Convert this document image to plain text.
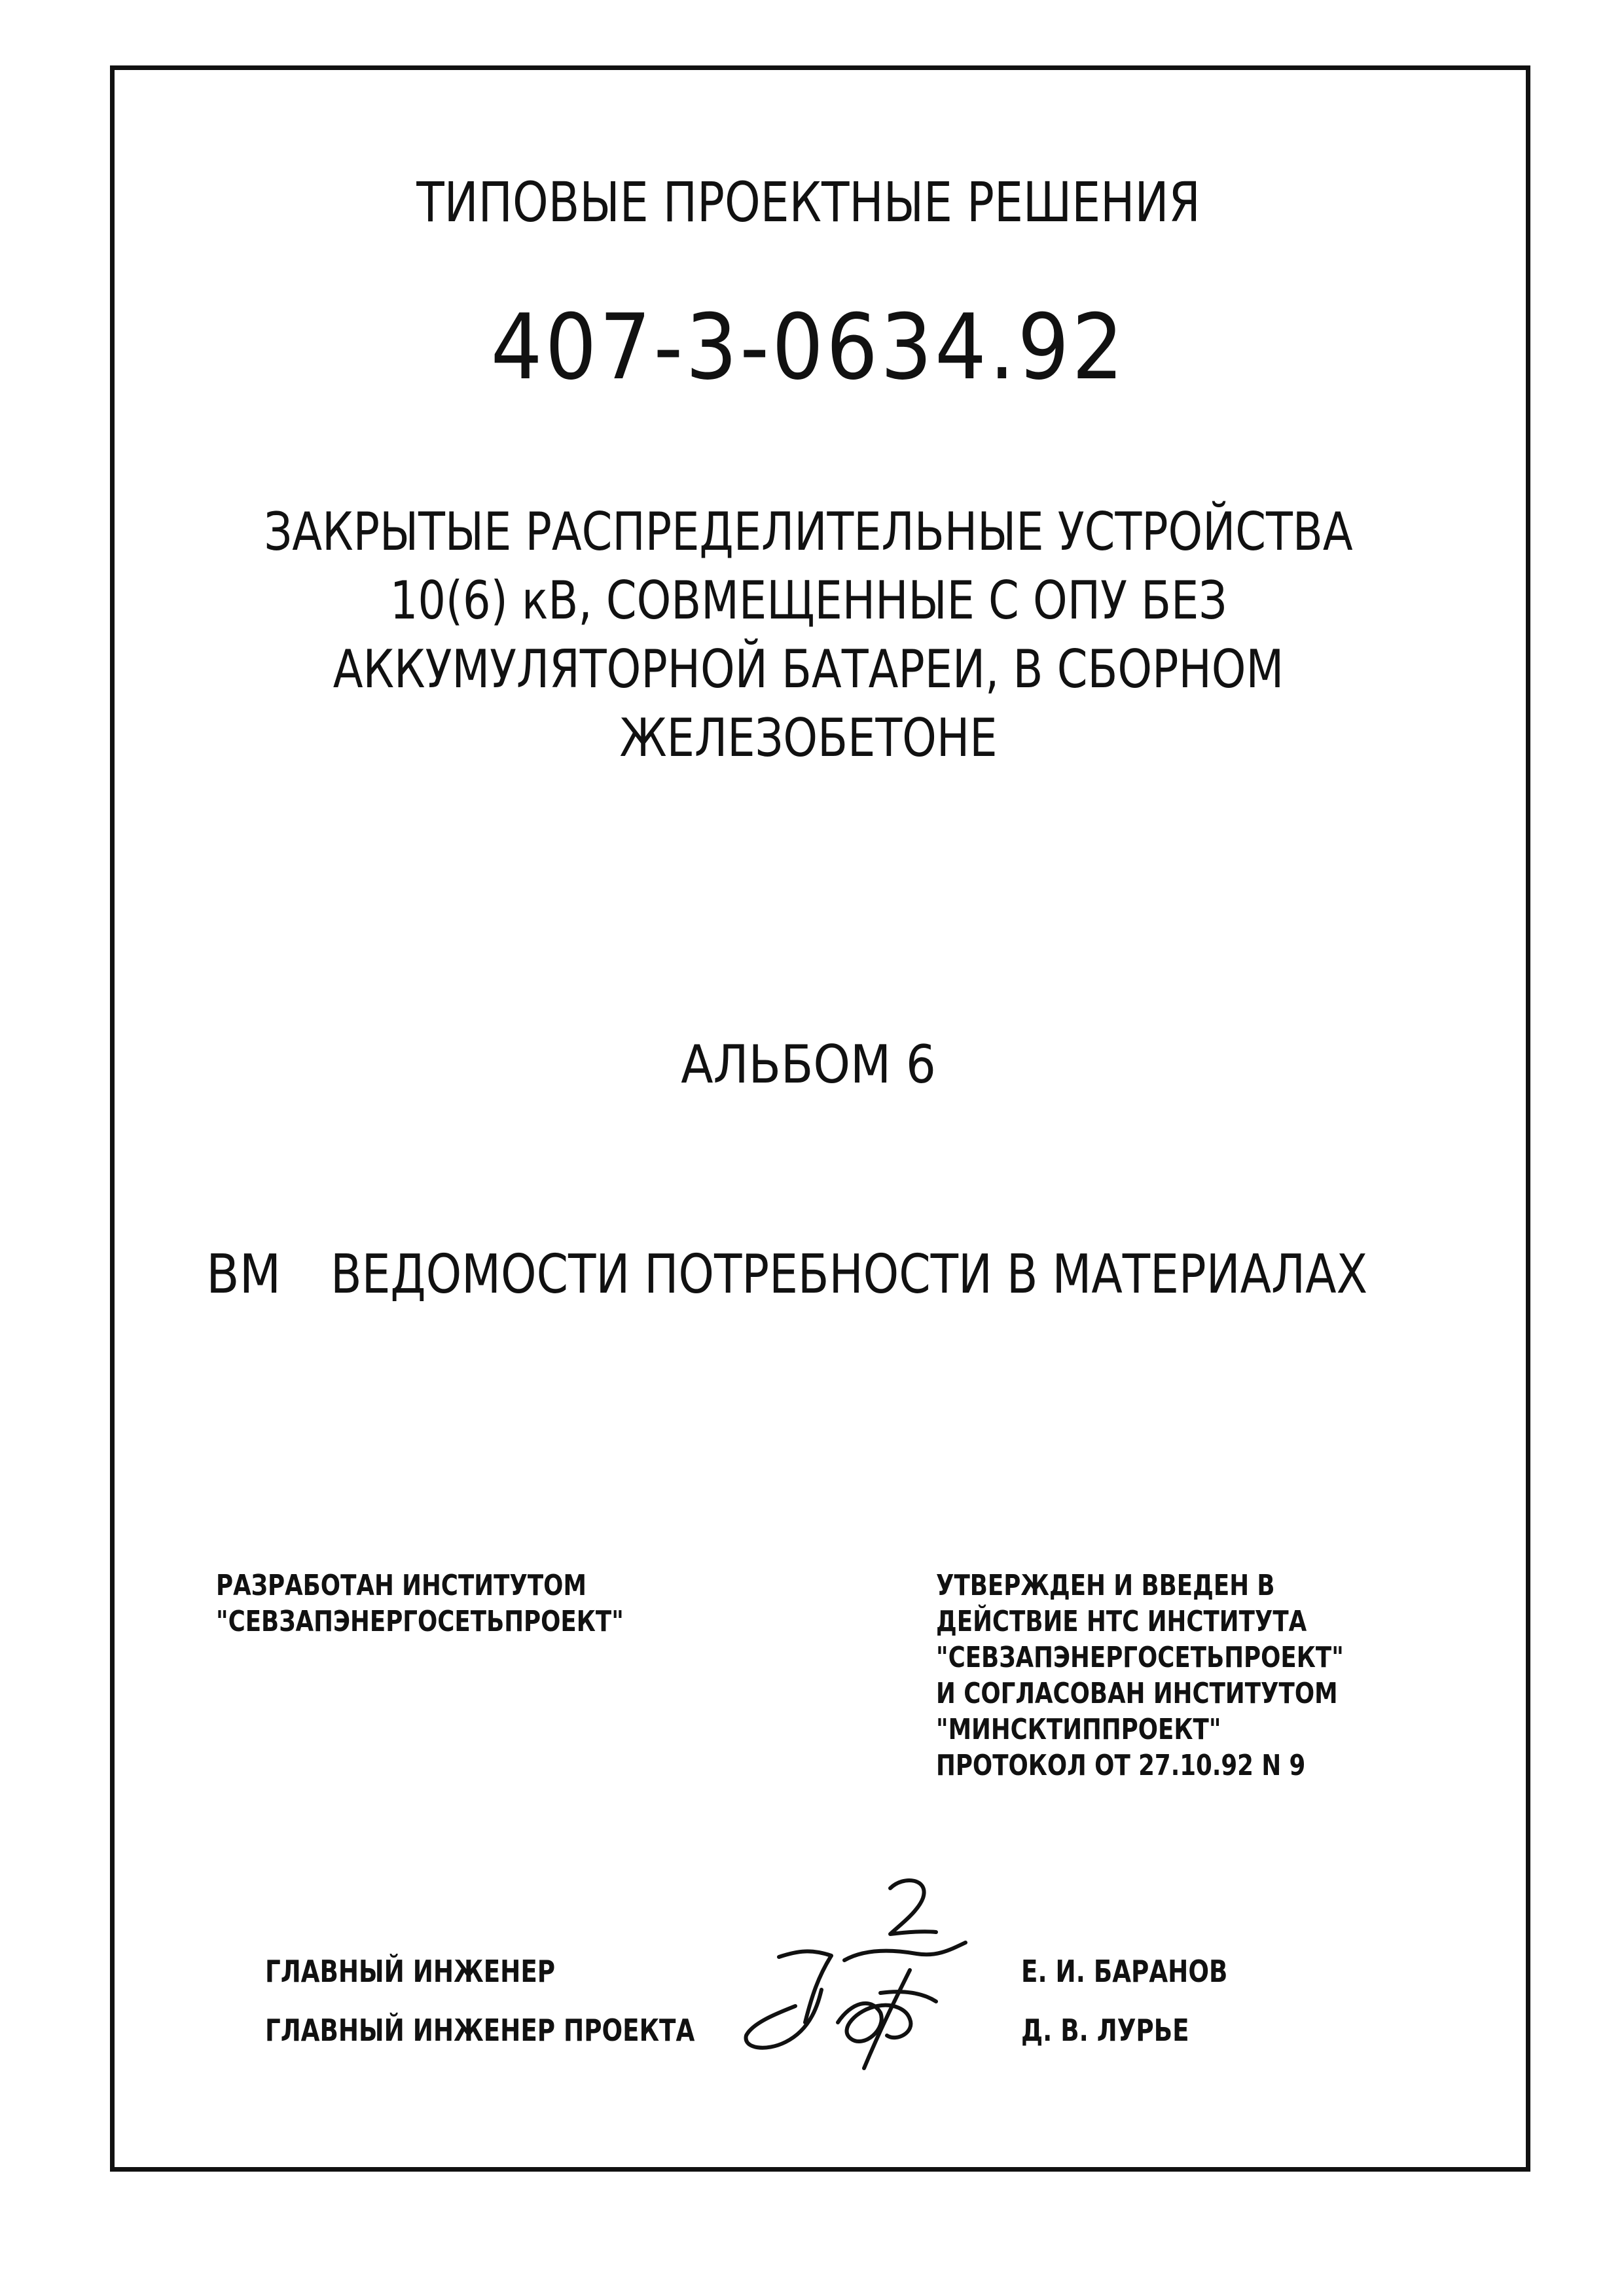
ТИПОВЫЕ ПРОЕКТНЫЕ РЕШЕНИЯ
407-3-0634.92
ЗАКРЫТЫЕ РАСПРЕДЕЛИТЕЛЬНЫЕ УСТРОЙСТВА
10(6) кВ, СОВМЕЩЕННЫЕ С ОПУ БЕЗ
АККУМУЛЯТОРНОЙ БАТАРЕИ, В СБОРНОМ
ЖЕЛЕЗОБЕТОНЕ
АЛЬБОМ 6
ВМ ВЕДОМОСТИ ПОТРЕБНОСТИ В МАТЕРИАЛАХ
РАЗРАБОТАН ИНСТИТУТОМ
"СЕВЗАПЭНЕРГОСЕТЬПРОЕКТ"
УТВЕРЖДЕН И ВВЕДЕН В
ДЕЙСТВИЕ НТС ИНСТИТУТА
"СЕВЗАПЭНЕРГОСЕТЬПРОЕКТ"
И СОГЛАСОВАН ИНСТИТУТОМ
"МИНСКТИППРОЕКТ"
ПРОТОКОЛ ОТ 27.10.92 N 9
ГЛАВНЫЙ ИНЖЕНЕР
ГЛАВНЫЙ ИНЖЕНЕР ПРОЕКТА
Е. И. БАРАНОВ
Д. В. ЛУРЬЕ
